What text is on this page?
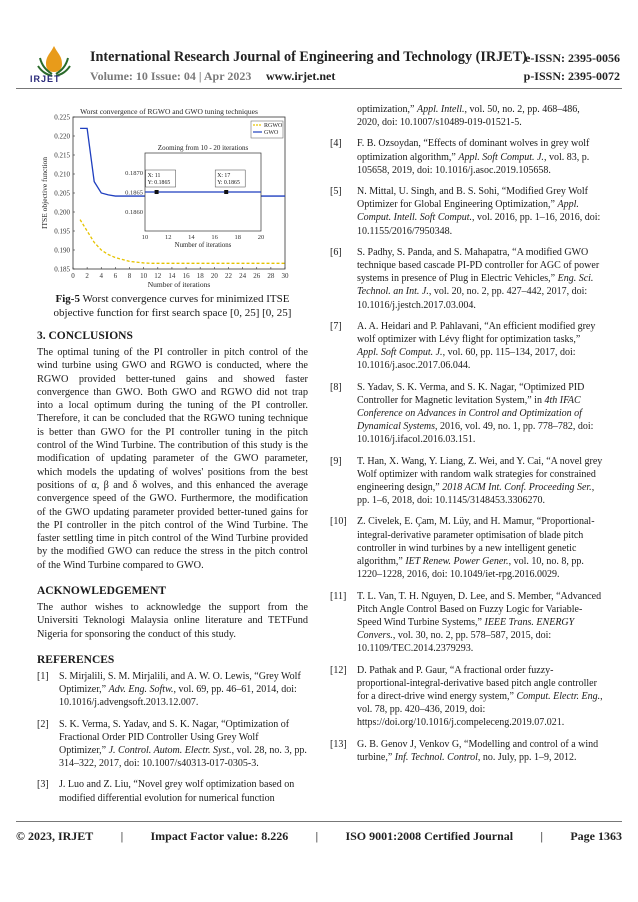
IRJET
International Research Journal of Engineering and Technology (IRJET)
e-ISSN: 2395-0056
Volume: 10 Issue: 04 | Apr 2023 www.irjet.net	p-ISSN: 2395-0072
0 2 4 6 8 10 12 14 16 18 20 22 24 26 28 30
0.185
0.190
0.195
0.200
0.205
0.210
0.215
0.220
0.225
Worst convergence of RGWO and GWO tuning techniques
Number of iterations
ITSE objective function
RGWO
GWO
Zooming from 10 - 20 iterations
10	12	14	16	18	20
0.1860
0.1865
0.1870
Number of iterations
X: 11
Y: 0.1865
X: 17
Y: 0.1865
Fig-5 Worst convergence curves for minimized ITSE objective function for first search space [0, 25] [0, 25]
3. CONCLUSIONS

The optimal tuning of the PI controller in pitch control of the wind turbine using GWO and RGWO is conducted, where the RGWO provided better-tuned gains and showed faster convergence than GWO. Both GWO and RGWO did not trap into a local optimum during the tuning of the PI controller. Therefore, it can be concluded that the RGWO tuning technique is better than GWO for the PI controller tuning in the pitch control of the Wind Turbine. The contribution of this study is the modification of updating parameter of the GWO parameter, which models the updating of wolves' positions from the best positions of α, β and δ wolves, and this enhanced the average convergence speed of the GWO. Furthermore, the modification of the GWO updating parameter provided better-tuned gains for the PI controller in the pitch control of the Wind Turbine. The faster settling time in pitch control of the Wind Turbine provided by the modified GWO can reduce the stress in the pitch control of the Wind Turbine compared to GWO.

ACKNOWLEDGEMENT

The author wishes to acknowledge the support from the Universiti Teknologi Malaysia online literature and TETFund Nigeria for sponsoring the conduct of this study.

REFERENCES
[1] S. Mirjalili, S. M. Mirjalili, and A. W. O. Lewis, “Grey Wolf Optimizer,” Adv. Eng. Softw., vol. 69, pp. 46–61, 2014, doi: 10.1016/j.advengsoft.2013.12.007.
[2] S. K. Verma, S. Yadav, and S. K. Nagar, “Optimization of Fractional Order PID Controller Using Grey Wolf Optimizer,” J. Control. Autom. Electr. Syst., vol. 28, no. 3, pp. 314–322, 2017, doi: 10.1007/s40313-017-0305-3.
[3] J. Luo and Z. Liu, “Novel grey wolf optimization based on modified differential evolution for numerical function
optimization,” Appl. Intell., vol. 50, no. 2, pp. 468–486, 2020, doi: 10.1007/s10489-019-01521-5.
[4] F. B. Ozsoydan, “Effects of dominant wolves in grey wolf optimization algorithm,” Appl. Soft Comput. J., vol. 83, p. 105658, 2019, doi: 10.1016/j.asoc.2019.105658.
[5] N. Mittal, U. Singh, and B. S. Sohi, “Modified Grey Wolf Optimizer for Global Engineering Optimization,” Appl. Comput. Intell. Soft Comput., vol. 2016, pp. 1–16, 2016, doi: 10.1155/2016/7950348.
[6] S. Padhy, S. Panda, and S. Mahapatra, “A modified GWO technique based cascade PI-PD controller for AGC of power systems in presence of Plug in Electric Vehicles,” Eng. Sci. Technol. an Int. J., vol. 20, no. 2, pp. 427–442, 2017, doi: 10.1016/j.jestch.2017.03.004.
[7] A. A. Heidari and P. Pahlavani, “An efficient modified grey wolf optimizer with Lévy flight for optimization tasks,” Appl. Soft Comput. J., vol. 60, pp. 115–134, 2017, doi: 10.1016/j.asoc.2017.06.044.
[8] S. Yadav, S. K. Verma, and S. K. Nagar, “Optimized PID Controller for Magnetic levitation System,” in 4th IFAC Conference on Advances in Control and Optimization of Dynamical Systems, 2016, vol. 49, no. 1, pp. 778–782, doi: 10.1016/j.ifacol.2016.03.151.
[9] T. Han, X. Wang, Y. Liang, Z. Wei, and Y. Cai, “A novel grey Wolf optimizer with random walk strategies for constrained engineering design,” 2018 ACM Int. Conf. Proceeding Ser., pp. 1–6, 2018, doi: 10.1145/3148453.3306270.
[10] Z. Civelek, E. Çam, M. Lüy, and H. Mamur, “Proportional-integral-derivative parameter optimisation of blade pitch controller in wind turbines by a new intelligent genetic algorithm,” IET Renew. Power Gener., vol. 10, no. 8, pp. 1220–1228, 2016, doi: 10.1049/iet-rpg.2016.0029.
[11] T. L. Van, T. H. Nguyen, D. Lee, and S. Member, “Advanced Pitch Angle Control Based on Fuzzy Logic for Variable-Speed Wind Turbine Systems,” IEEE Trans. ENERGY Convers., vol. 30, no. 2, pp. 578–587, 2015, doi: 10.1109/TEC.2014.2379293.
[12] D. Pathak and P. Gaur, “A fractional order fuzzy-proportional-integral-derivative based pitch angle controller for a direct-drive wind energy system,” Comput. Electr. Eng., vol. 78, pp. 420–436, 2019, doi: https://doi.org/10.1016/j.compeleceng.2019.07.021.
[13] G. B. Genov J, Venkov G, “Modelling and control of a wind turbine,” Inf. Technol. Control, no. July, pp. 1–9, 2012.
© 2023, IRJET | Impact Factor value: 8.226 | ISO 9001:2008 Certified Journal | Page 1363
